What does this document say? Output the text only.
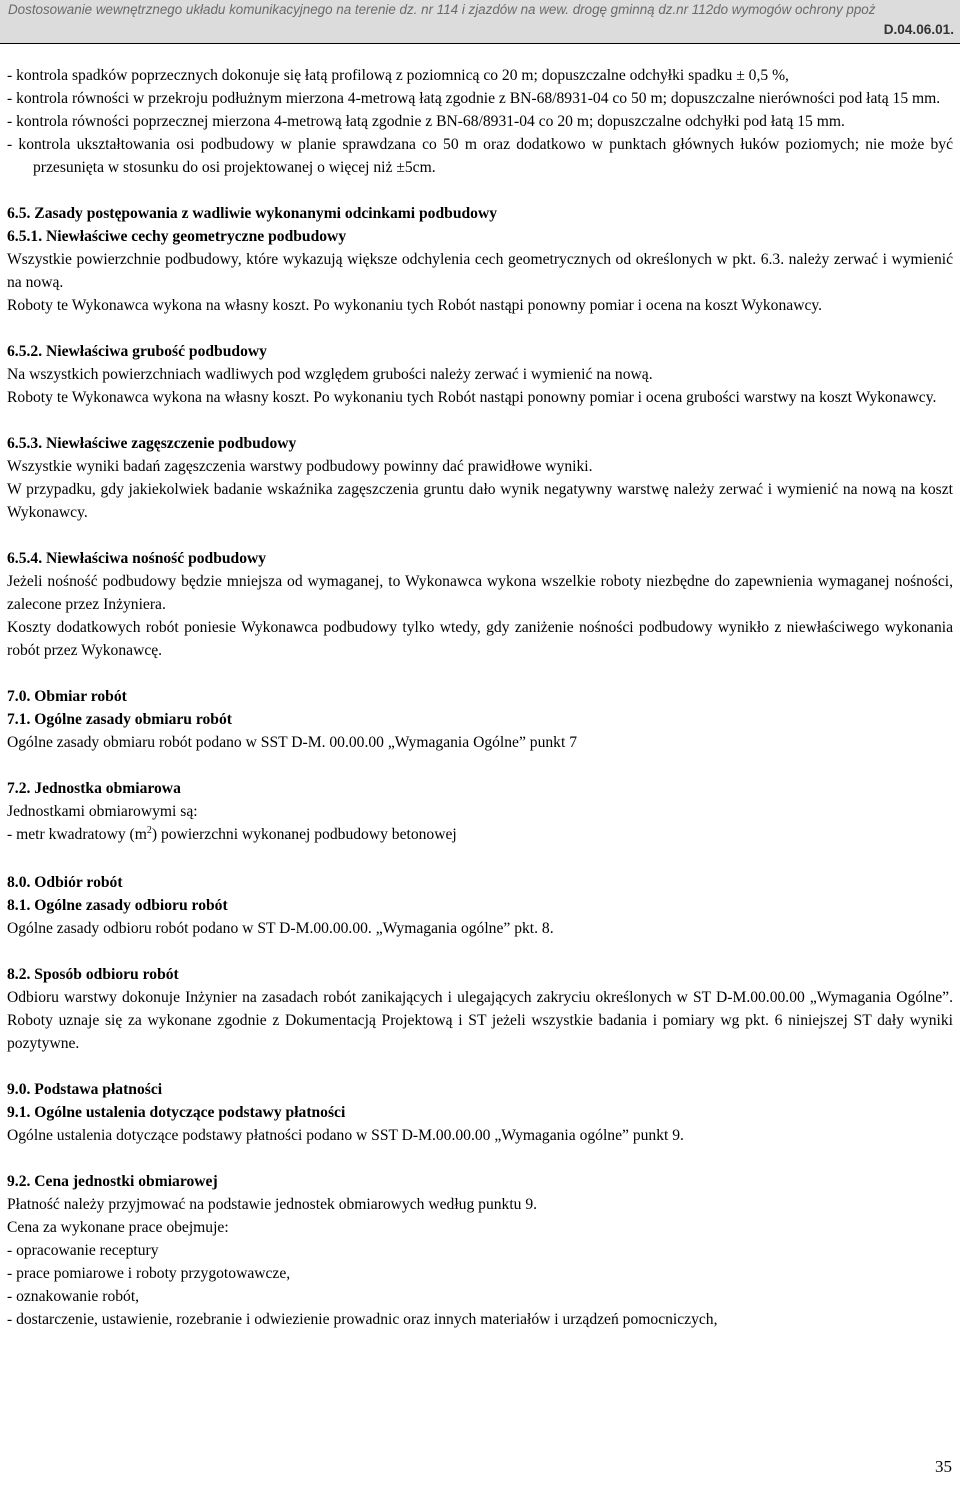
Dostosowanie wewnętrznego układu komunikacyjnego na terenie dz. nr 114 i zjazdów na wew. drogę gminną dz.nr 112do wymogów ochrony ppoż
D.04.06.01.

- kontrola spadków poprzecznych dokonuje się łatą profilową z poziomnicą co 20 m; dopuszczalne odchyłki spadku ± 0,5 %,

- kontrola równości w przekroju podłużnym mierzona 4-metrową łatą zgodnie z BN-68/8931-04 co 50 m; dopuszczalne nierówności pod łatą 15 mm.

- kontrola równości poprzecznej mierzona 4-metrową łatą zgodnie z BN-68/8931-04 co 20 m; dopuszczalne odchyłki pod łatą 15 mm.

- kontrola ukształtowania osi podbudowy w planie sprawdzana co 50 m oraz dodatkowo w punktach głównych łuków poziomych; nie może być przesunięta w stosunku do osi projektowanej o więcej niż ±5cm.

6.5. Zasady postępowania z wadliwie wykonanymi odcinkami podbudowy

6.5.1. Niewłaściwe cechy geometryczne podbudowy

Wszystkie powierzchnie podbudowy, które wykazują większe odchylenia cech geometrycznych od określonych w pkt. 6.3. należy zerwać i wymienić na nową.

Roboty te Wykonawca wykona na własny koszt. Po wykonaniu tych Robót nastąpi ponowny pomiar i ocena na koszt Wykonawcy.

6.5.2. Niewłaściwa grubość podbudowy

Na wszystkich powierzchniach wadliwych pod względem grubości należy zerwać i wymienić na nową.

Roboty te Wykonawca wykona na własny koszt. Po wykonaniu tych Robót nastąpi ponowny pomiar i ocena grubości warstwy na koszt Wykonawcy.

6.5.3. Niewłaściwe zagęszczenie podbudowy

Wszystkie wyniki badań zagęszczenia warstwy podbudowy powinny dać prawidłowe wyniki.

W przypadku, gdy jakiekolwiek badanie wskaźnika zagęszczenia gruntu dało wynik negatywny warstwę należy zerwać i wymienić na nową na koszt Wykonawcy.

6.5.4. Niewłaściwa nośność podbudowy

Jeżeli nośność podbudowy będzie mniejsza od wymaganej, to Wykonawca wykona wszelkie roboty niezbędne do zapewnienia wymaganej nośności, zalecone przez Inżyniera.

Koszty dodatkowych robót poniesie Wykonawca podbudowy tylko wtedy, gdy zaniżenie nośności podbudowy wynikło z niewłaściwego wykonania robót przez Wykonawcę.

7.0. Obmiar robót

7.1. Ogólne zasady obmiaru robót

Ogólne zasady obmiaru robót podano w SST D-M. 00.00.00 „Wymagania Ogólne” punkt 7

7.2. Jednostka obmiarowa

Jednostkami obmiarowymi są:

- metr kwadratowy $(m^2)$ powierzchni wykonanej podbudowy betonowej

8.0. Odbiór robót

8.1. Ogólne zasady odbioru robót

Ogólne zasady odbioru robót podano w ST D-M.00.00.00. „Wymagania ogólne” pkt. 8.

8.2. Sposób odbioru robót

Odbioru warstwy dokonuje Inżynier na zasadach robót zanikających i ulegających zakryciu określonych w ST D-M.00.00.00 „Wymagania Ogólne”. Roboty uznaje się za wykonane zgodnie z Dokumentacją Projektową i ST jeżeli wszystkie badania i pomiary wg pkt. 6 niniejszej ST dały wyniki pozytywne.

9.0. Podstawa płatności

9.1. Ogólne ustalenia dotyczące podstawy płatności

Ogólne ustalenia dotyczące podstawy płatności podano w SST D-M.00.00.00 „Wymagania ogólne” punkt 9.

9.2. Cena jednostki obmiarowej

Płatność należy przyjmować na podstawie jednostek obmiarowych według punktu 9.

Cena za wykonane prace obejmuje:

- opracowanie receptury

- prace pomiarowe i roboty przygotowawcze,

- oznakowanie robót,

- dostarczenie, ustawienie, rozebranie i odwiezienie prowadnic oraz innych materiałów i urządzeń pomocniczych,

35
